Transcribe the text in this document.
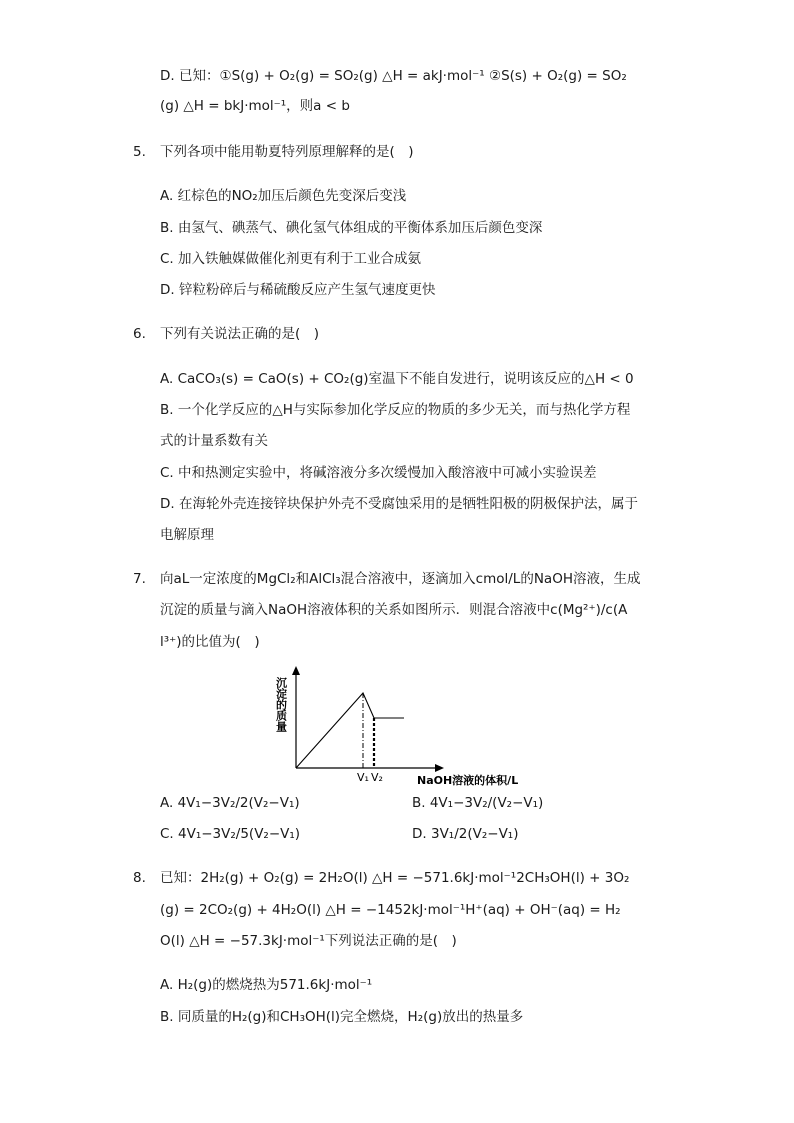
D. 已知：①S(g) + O₂(g) = SO₂(g) △H = akJ·mol⁻¹ ②S(s) + O₂(g) = SO₂
(g) △H = bkJ·mol⁻¹，则a < b
5. 下列各项中能用勒夏特列原理解释的是(　)
A. 红棕色的NO₂加压后颜色先变深后变浅
B. 由氢气、碘蒸气、碘化氢气体组成的平衡体系加压后颜色变深
C. 加入铁触媒做催化剂更有利于工业合成氨
D. 锌粒粉碎后与稀硫酸反应产生氢气速度更快
6. 下列有关说法正确的是(　)
A. CaCO₃(s) = CaO(s) + CO₂(g)室温下不能自发进行，说明该反应的△H < 0
B. 一个化学反应的△H与实际参加化学反应的物质的多少无关，而与热化学方程
式的计量系数有关
C. 中和热测定实验中，将碱溶液分多次缓慢加入酸溶液中可减小实验误差
D. 在海轮外壳连接锌块保护外壳不受腐蚀采用的是牺牲阳极的阴极保护法，属于
电解原理
7. 向aL一定浓度的MgCl₂和AlCl₃混合溶液中，逐滴加入cmol/L的NaOH溶液，生成
沉淀的质量与滴入NaOH溶液体积的关系如图所示．则混合溶液中c(Mg²⁺)/c(A
l³⁺)的比值为(　)
沉淀的质量
V₁ V₂	NaOH溶液的体积/L
A. 4V₁−3V₂/2(V₂−V₁)	B. 4V₁−3V₂/(V₂−V₁)
C. 4V₁−3V₂/5(V₂−V₁)	D. 3V₁/2(V₂−V₁)
8. 已知：2H₂(g) + O₂(g) = 2H₂O(l) △H = −571.6kJ·mol⁻¹2CH₃OH(l) + 3O₂
(g) = 2CO₂(g) + 4H₂O(l) △H = −1452kJ·mol⁻¹H⁺(aq) + OH⁻(aq) = H₂
O(l) △H = −57.3kJ·mol⁻¹下列说法正确的是(　)
A. H₂(g)的燃烧热为571.6kJ·mol⁻¹
B. 同质量的H₂(g)和CH₃OH(l)完全燃烧，H₂(g)放出的热量多
